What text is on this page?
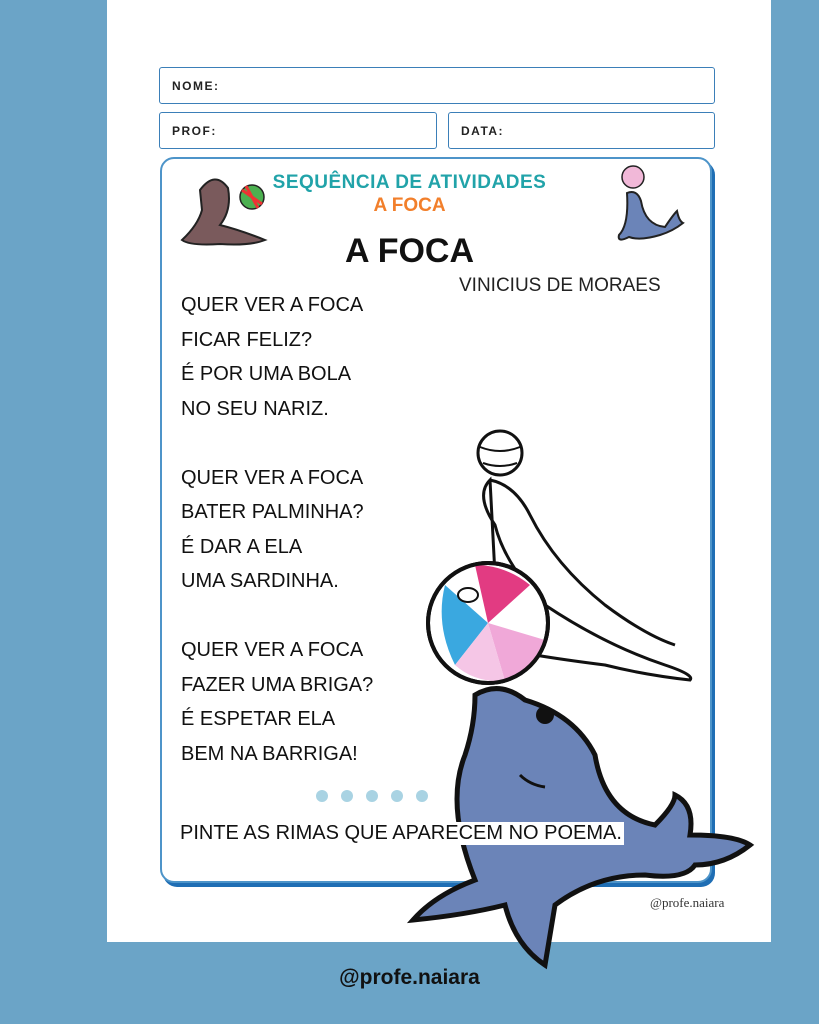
NOME:
PROF:	DATA:
SEQUÊNCIA DE ATIVIDADES
A FOCA
A FOCA
VINICIUS DE MORAES
QUER VER A FOCA
FICAR FELIZ?
É POR UMA BOLA
NO SEU NARIZ.
QUER VER A FOCA
BATER PALMINHA?
É DAR A ELA
UMA SARDINHA.
QUER VER A FOCA
FAZER UMA BRIGA?
É ESPETAR ELA
BEM NA BARRIGA!
@profe.naiara
PINTE AS RIMAS QUE APARECEM NO POEMA.
@profe.naiara
